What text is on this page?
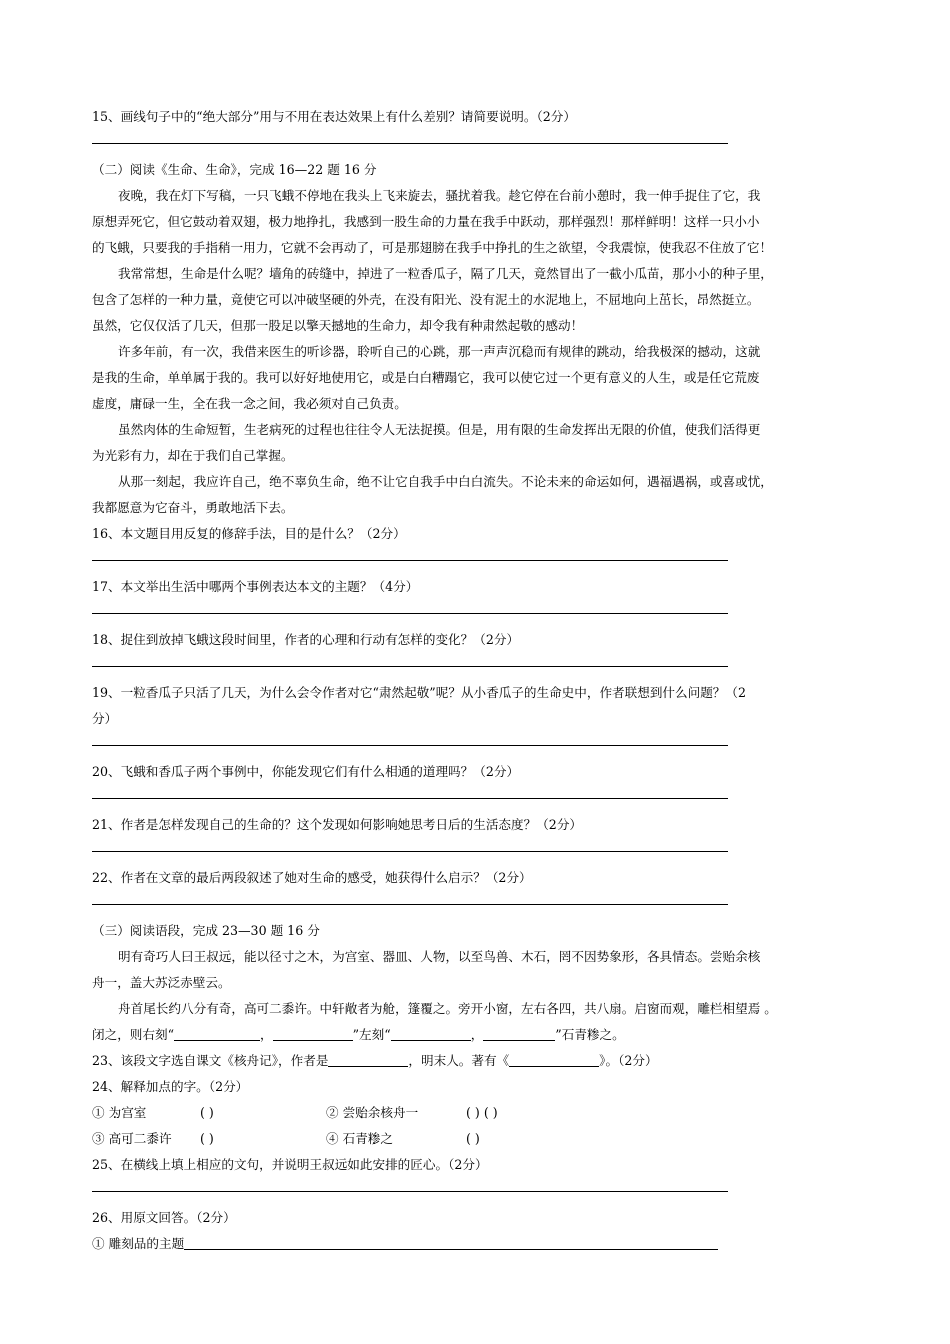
15、画线句子中的“绝大部分”用与不用在表达效果上有什么差别？请简要说明。（2分）
（二）阅读《生命、生命》，完成 16—22 题 16 分
夜晚，我在灯下写稿，一只飞蛾不停地在我头上飞来旋去，骚扰着我。趁它停在台前小憩时，我一伸手捉住了它，我
原想弄死它，但它鼓动着双翅，极力地挣扎，我感到一股生命的力量在我手中跃动，那样强烈！那样鲜明！这样一只小小
的飞蛾，只要我的手指稍一用力，它就不会再动了，可是那翅膀在我手中挣扎的生之欲望，令我震惊，使我忍不住放了它！
我常常想，生命是什么呢？墙角的砖缝中，掉进了一粒香瓜子，隔了几天，竟然冒出了一截小瓜苗，那小小的种子里，
包含了怎样的一种力量，竟使它可以冲破坚硬的外壳，在没有阳光、没有泥土的水泥地上，不屈地向上茁长，昂然挺立。
虽然，它仅仅活了几天，但那一股足以擎天撼地的生命力，却令我有种肃然起敬的感动！
许多年前，有一次，我借来医生的听诊器，聆听自己的心跳，那一声声沉稳而有规律的跳动，给我极深的撼动，这就
是我的生命，单单属于我的。我可以好好地使用它，或是白白糟蹋它，我可以使它过一个更有意义的人生，或是任它荒废
虚度，庸碌一生，全在我一念之间，我必须对自己负责。
虽然肉体的生命短暂，生老病死的过程也往往令人无法捉摸。但是，用有限的生命发挥出无限的价值，使我们活得更
为光彩有力，却在于我们自己掌握。
从那一刻起，我应许自己，绝不辜负生命，绝不让它自我手中白白流失。不论未来的命运如何，遇福遇祸，或喜或忧，
我都愿意为它奋斗，勇敢地活下去。
16、本文题目用反复的修辞手法，目的是什么？（2分）
17、本文举出生活中哪两个事例表达本文的主题？（4分）
18、捉住到放掉飞蛾这段时间里，作者的心理和行动有怎样的变化？（2分）
19、一粒香瓜子只活了几天，为什么会令作者对它“肃然起敬”呢？从小香瓜子的生命史中，作者联想到什么问题？（2
分）
20、飞蛾和香瓜子两个事例中，你能发现它们有什么相通的道理吗？（2分）
21、作者是怎样发现自己的生命的？这个发现如何影响她思考日后的生活态度？（2分）
22、作者在文章的最后两段叙述了她对生命的感受，她获得什么启示？（2分）
（三）阅读语段，完成 23—30 题 16 分
明有奇巧人曰王叔远，能以径寸之木，为宫室、器皿、人物，以至鸟兽、木石，罔不因势象形，各具情态。尝贻余核
舟一，盖大苏泛赤壁云。
舟首尾长约八分有奇，高可二黍许。中轩敞者为舱，篷覆之。旁开小窗，左右各四，共八扇。启窗而观，雕栏相望焉 。
闭之，则右刻“	，	”左刻“	，	”石青糁之。
23、该段文字选自课文《核舟记》，作者是	，明末人。著有《	》。（2分）
24、解释加点的字。（2分）
① 为宫室	( )	② 尝贻余核舟一	( ) ( )
③ 高可二黍许 ( )	④ 石青糁之	( )
25、在横线上填上相应的文句，并说明王叔远如此安排的匠心。（2分）
26、用原文回答。（2分）
① 雕刻品的主题
